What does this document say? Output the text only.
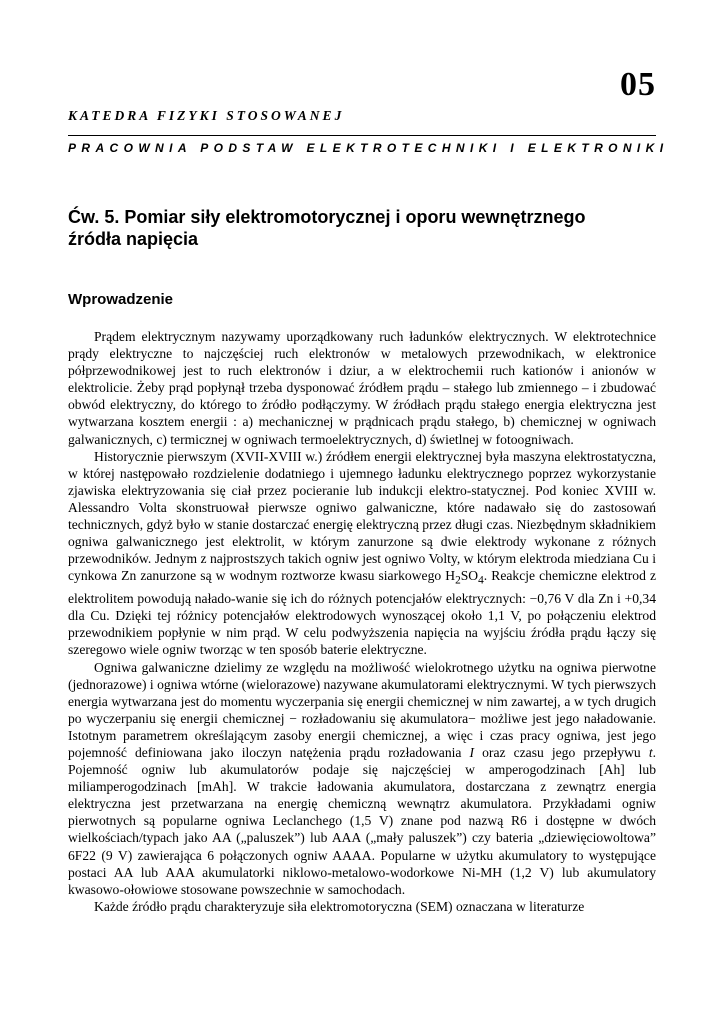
05
KATEDRA FIZYKI STOSOWANEJ
PRACOWNIA PODSTAW ELEKTROTECHNIKI I ELEKTRONIKI
Ćw. 5. Pomiar siły elektromotorycznej i oporu wewnętrznego
źródła napięcia
Wprowadzenie

Prądem elektrycznym nazywamy uporządkowany ruch ładunków elektrycznych. W elektrotechnice prądy elektryczne to najczęściej ruch elektronów w metalowych przewodnikach, w elektronice półprzewodnikowej jest to ruch elektronów i dziur, a w elektrochemii ruch kationów i anionów w elektrolicie. Żeby prąd popłynął trzeba dysponować źródłem prądu – stałego lub zmiennego – i zbudować obwód elektryczny, do którego to źródło podłączymy. W źródłach prądu stałego energia elektryczna jest wytwarzana kosztem energii : a) mechanicznej w prądnicach prądu stałego, b) chemicznej w ogniwach galwanicznych, c) termicznej w ogniwach termoelektrycznych, d) świetlnej w fotoogniwach.

Historycznie pierwszym (XVII-XVIII w.) źródłem energii elektrycznej była maszyna elektrostatyczna, w której następowało rozdzielenie dodatniego i ujemnego ładunku elektrycznego poprzez wykorzystanie zjawiska elektryzowania się ciał przez pocieranie lub indukcji elektro-statycznej. Pod koniec XVIII w. Alessandro Volta skonstruował pierwsze ogniwo galwaniczne, które nadawało się do zastosowań technicznych, gdyż było w stanie dostarczać energię elektryczną przez długi czas. Niezbędnym składnikiem ogniwa galwanicznego jest elektrolit, w którym zanurzone są dwie elektrody wykonane z różnych przewodników. Jednym z najprostszych takich ogniw jest ogniwo Volty, w którym elektroda miedziana Cu i cynkowa Zn zanurzone są w wodnym roztworze kwasu siarkowego $H_2SO_4$. Reakcje chemiczne elektrod z elektrolitem powodują nałado-wanie się ich do różnych potencjałów elektrycznych: −0,76 V dla Zn i +0,34 dla Cu. Dzięki tej różnicy potencjałów elektrodowych wynoszącej około 1,1 V, po połączeniu elektrod przewodnikiem popłynie w nim prąd. W celu podwyższenia napięcia na wyjściu źródła prądu łączy się szeregowo wiele ogniw tworząc w ten sposób baterie elektryczne.

Ogniwa galwaniczne dzielimy ze względu na możliwość wielokrotnego użytku na ogniwa pierwotne (jednorazowe) i ogniwa wtórne (wielorazowe) nazywane akumulatorami elektrycznymi. W tych pierwszych energia wytwarzana jest do momentu wyczerpania się energii chemicznej w nim zawartej, a w tych drugich po wyczerpaniu się energii chemicznej − rozładowaniu się akumulatora− możliwe jest jego naładowanie. Istotnym parametrem określającym zasoby energii chemicznej, a więc i czas pracy ogniwa, jest jego pojemność definiowana jako iloczyn natężenia prądu rozładowania I oraz czasu jego przepływu t. Pojemność ogniw lub akumulatorów podaje się najczęściej w amperogodzinach [Ah] lub miliamperogodzinach [mAh]. W trakcie ładowania akumulatora, dostarczana z zewnątrz energia elektryczna jest przetwarzana na energię chemiczną wewnątrz akumulatora. Przykładami ogniw pierwotnych są popularne ogniwa Leclanchego (1,5 V) znane pod nazwą R6 i dostępne w dwóch wielkościach/typach jako AA („paluszek”) lub AAA („mały paluszek”) czy bateria „dziewięciowoltowa” 6F22 (9 V) zawierająca 6 połączonych ogniw AAAA. Popularne w użytku akumulatory to występujące postaci AA lub AAA akumulatorki niklowo-metalowo-wodorkowe Ni-MH (1,2 V) lub akumulatory kwasowo-ołowiowe stosowane powszechnie w samochodach.

Każde źródło prądu charakteryzuje siła elektromotoryczna (SEM) oznaczana w literaturze
